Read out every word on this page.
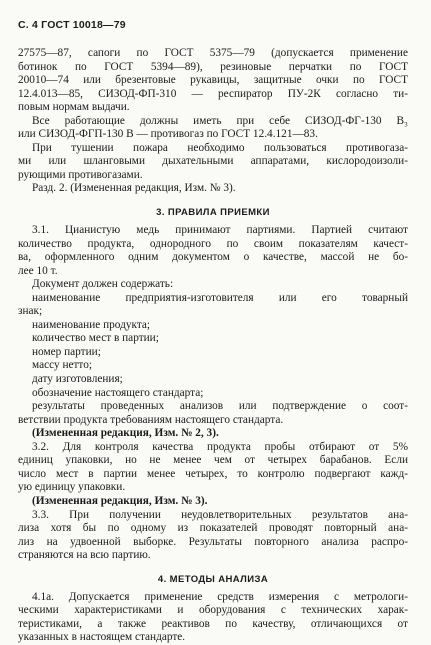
С. 4 ГОСТ 10018—79
27575—87, сапоги по ГОСТ 5375—79 (допускается применение
ботинок по ГОСТ 5394—89), резиновые перчатки по ГОСТ
20010—74 или брезентовые рукавицы, защитные очки по ГОСТ
12.4.013—85, СИЗОД-ФП-310 — респиратор ПУ-2К согласно ти-
повым нормам выдачи.
Все работающие должны иметь при себе СИЗОД-ФГ-130 В₃
или СИЗОД-ФГП-130 В — противогаз по ГОСТ 12.4.121—83.
При тушении пожара необходимо пользоваться противогаза-
ми или шланговыми дыхательными аппаратами, кислородоизоли-
рующими противогазами.
Разд. 2. (Измененная редакция, Изм. № 3).
3. ПРАВИЛА ПРИЕМКИ
3.1. Цианистую медь принимают партиями. Партией считают
количество продукта, однородного по своим показателям качест-
ва, оформленного одним документом о качестве, массой не бо-
лее 10 т.
Документ должен содержать:
наименование предприятия-изготовителя или его товарный
знак;
наименование продукта;
количество мест в партии;
номер партии;
массу нетто;
дату изготовления;
обозначение настоящего стандарта;
результаты проведенных анализов или подтверждение о соот-
ветствии продукта требованиям настоящего стандарта.
(Измененная редакция, Изм. № 2, 3).
3.2. Для контроля качества продукта пробы отбирают от 5%
единиц упаковки, но не менее чем от четырех барабанов. Если
число мест в партии менее четырех, то контролю подвергают кажд-
ую единицу упаковки.
(Измененная редакция, Изм. № 3).
3.3. При получении неудовлетворительных результатов ана-
лиза хотя бы по одному из показателей проводят повторный ана-
лиз на удвоенной выборке. Результаты повторного анализа распро-
страняются на всю партию.
4. МЕТОДЫ АНАЛИЗА
4.1а. Допускается применение средств измерения с метрологи-
ческими характеристиками и оборудования с технических харак-
теристиками, а также реактивов по качеству, отличающихся от
указанных в настоящем стандарте.
